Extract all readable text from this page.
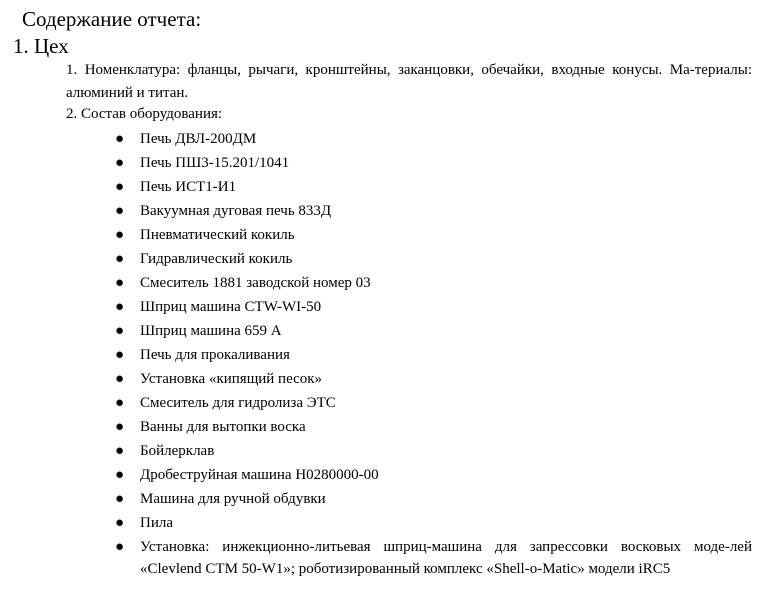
Содержание отчета:
1. Цех
1. Номенклатура: фланцы, рычаги, кронштейны, заканцовки, обечайки, входные конусы. Ма-териалы: алюминий и титан.
2. Состав оборудования:
● Печь ДВЛ-200ДМ
● Печь ПШ3-15.201/1041
● Печь ИСТ1-И1
● Вакуумная дуговая печь 833Д
● Пневматический кокиль
● Гидравлический кокиль
● Смеситель 1881 заводской номер 03
● Шприц машина CTW-WI-50
● Шприц машина 659 А
● Печь для прокаливания
● Установка «кипящий песок»
● Смеситель для гидролиза ЭТС
● Ванны для вытопки воска
● Бойлерклав
● Дробеструйная машина Н0280000-00
● Машина для ручной обдувки
● Пила
● Установка: инжекционно-литьевая шприц-машина для запрессовки восковых моде-лей «Clevlend CTM 50-W1»; роботизированный комплекс «Shell-o-Matic» модели iRC5
